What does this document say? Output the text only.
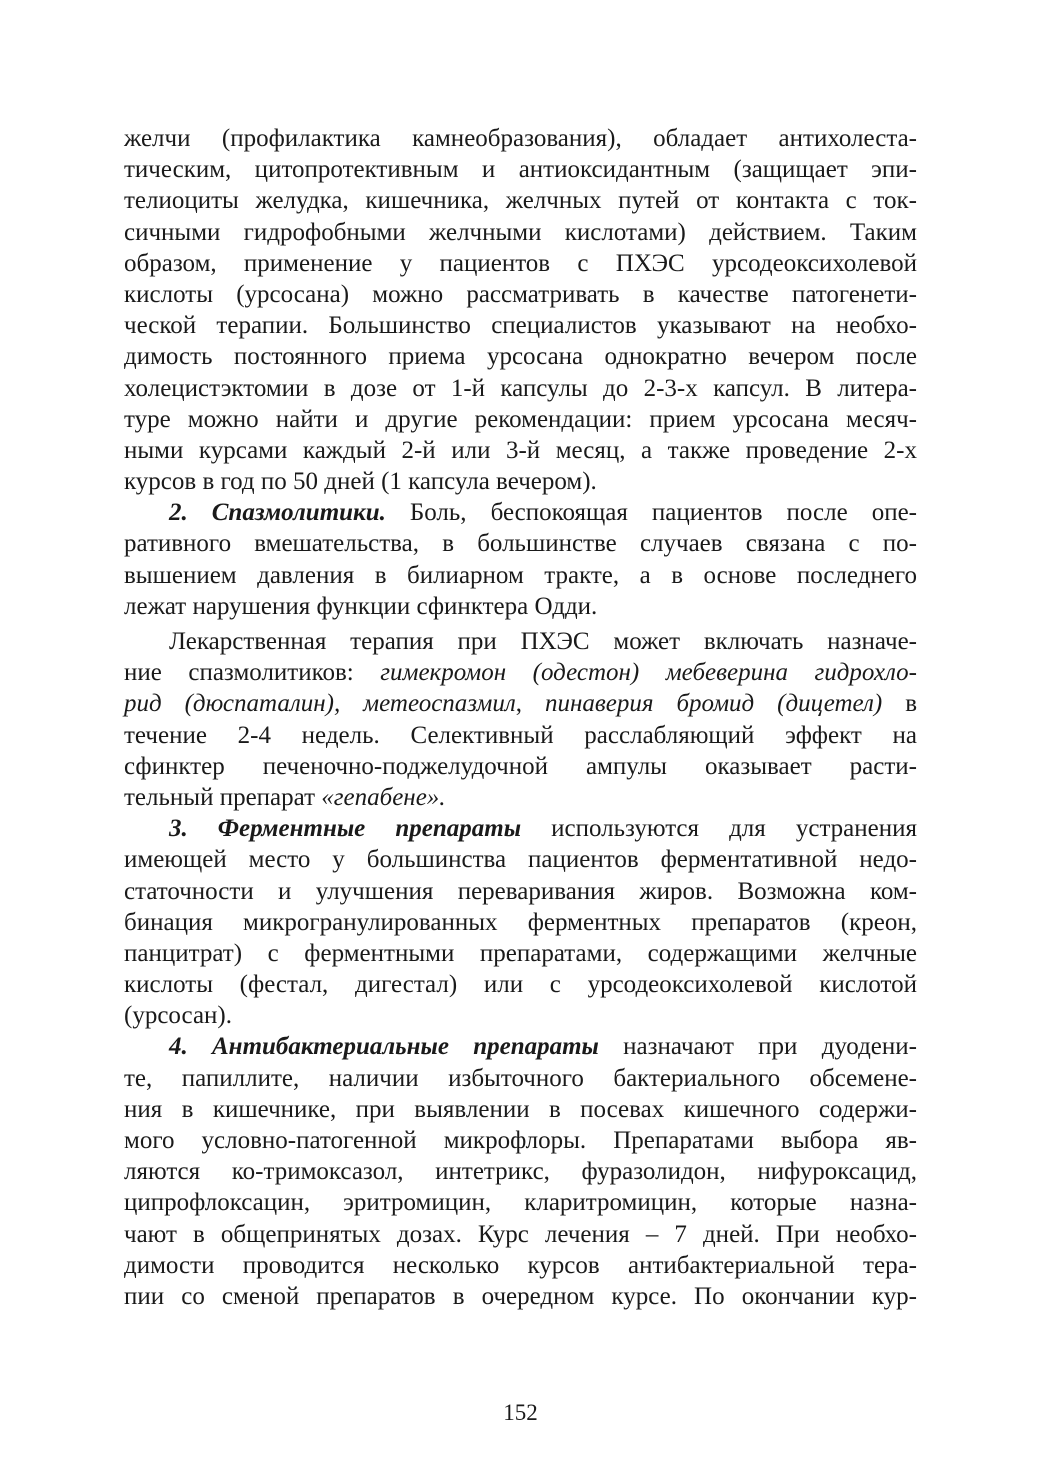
желчи (профилактика камнеобразования), обладает антихолеста-
тическим, цитопротективным и антиоксидантным (защищает эпи-
телиоциты желудка, кишечника, желчных путей от контакта с ток-
сичными гидрофобными желчными кислотами) действием. Таким
образом, применение у пациентов с ПХЭС урсодеоксихолевой
кислоты (урсосана) можно рассматривать в качестве патогенети-
ческой терапии. Большинство специалистов указывают на необхо-
димость постоянного приема урсосана однократно вечером после
холецистэктомии в дозе от 1-й капсулы до 2-3-х капсул. В литера-
туре можно найти и другие рекомендации: прием урсосана месяч-
ными курсами каждый 2-й или 3-й месяц, а также проведение 2-х
курсов в год по 50 дней (1 капсула вечером).
2. Спазмолитики. Боль, беспокоящая пациентов после опе-
ративного вмешательства, в большинстве случаев связана с по-
вышением давления в билиарном тракте, а в основе последнего
лежат нарушения функции сфинктера Одди.
Лекарственная терапия при ПХЭС может включать назначе-
ние спазмолитиков: гимекромон (одестон) мебеверина гидрохло-
рид (дюспаталин), метеоспазмил, пинаверия бромид (дицетел) в
течение 2-4 недель. Селективный расслабляющий эффект на
сфинктер печеночно-поджелудочной ампулы оказывает расти-
тельный препарат «гепабене».
3. Ферментные препараты используются для устранения
имеющей место у большинства пациентов ферментативной недо-
статочности и улучшения переваривания жиров. Возможна ком-
бинация микрогранулированных ферментных препаратов (креон,
панцитрат) с ферментными препаратами, содержащими желчные
кислоты (фестал, дигестал) или с урсодеоксихолевой кислотой
(урсосан).
4. Антибактериальные препараты назначают при дуодени-
те, папиллите, наличии избыточного бактериального обсемене-
ния в кишечнике, при выявлении в посевах кишечного содержи-
мого условно-патогенной микрофлоры. Препаратами выбора яв-
ляются ко-тримоксазол, интетрикс, фуразолидон, нифуроксацид,
ципрофлоксацин, эритромицин, кларитромицин, которые назна-
чают в общепринятых дозах. Курс лечения – 7 дней. При необхо-
димости проводится несколько курсов антибактериальной тера-
пии со сменой препаратов в очередном курсе. По окончании кур-
152
